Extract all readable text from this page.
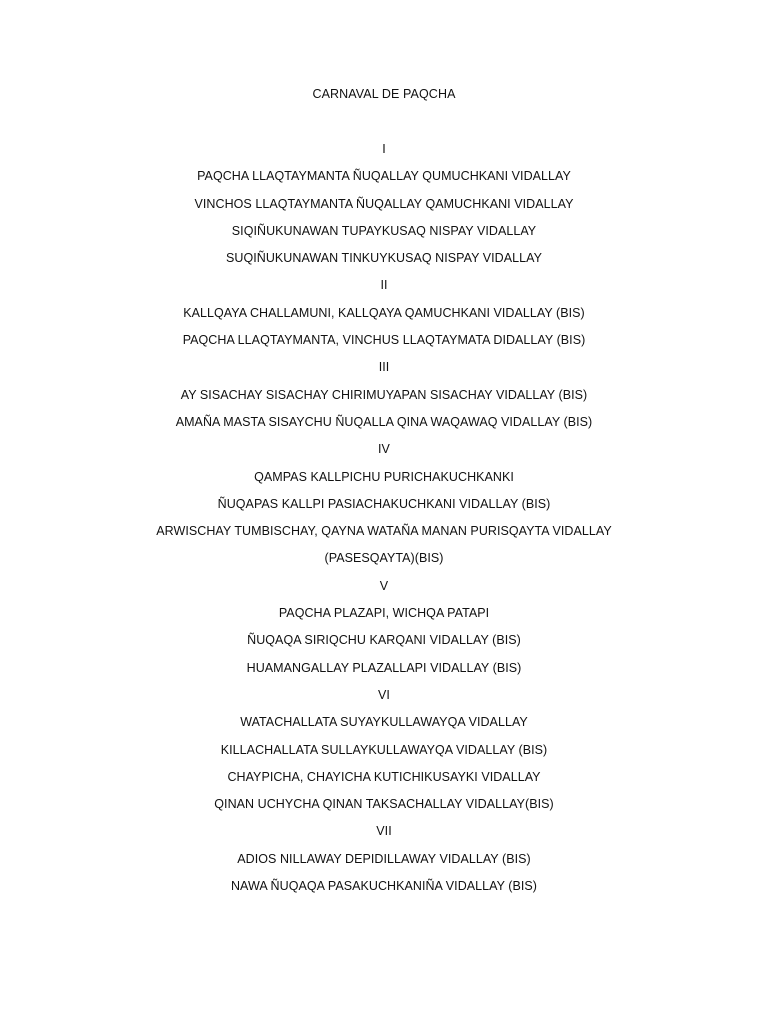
CARNAVAL DE PAQCHA
I
PAQCHA LLAQTAYMANTA ÑUQALLAY QUMUCHKANI VIDALLAY
VINCHOS LLAQTAYMANTA ÑUQALLAY QAMUCHKANI VIDALLAY
SIQIÑUKUNAWAN TUPAYKUSAQ NISPAY VIDALLAY
SUQIÑUKUNAWAN TINKUYKUSAQ NISPAY VIDALLAY
II
KALLQAYA CHALLAMUNI, KALLQAYA QAMUCHKANI VIDALLAY (BIS)
PAQCHA LLAQTAYMANTA, VINCHUS LLAQTAYMATA DIDALLAY (BIS)
III
AY SISACHAY SISACHAY CHIRIMUYAPAN SISACHAY VIDALLAY (BIS)
AMAÑA MASTA SISAYCHU ÑUQALLA QINA WAQAWAQ VIDALLAY (BIS)
IV
QAMPAS KALLPICHU PURICHAKUCHKANKI
ÑUQAPAS KALLPI PASIACHAKUCHKANI VIDALLAY (BIS)
ARWISCHAY TUMBISCHAY, QAYNA WATAÑA MANAN PURISQAYTA VIDALLAY
(PASESQAYTA)(BIS)
V
PAQCHA PLAZAPI, WICHQA PATAPI
ÑUQAQA SIRIQCHU KARQANI VIDALLAY (BIS)
HUAMANGALLAY PLAZALLAPI VIDALLAY (BIS)
VI
WATACHALLATA SUYAYKULLAWAYQA VIDALLAY
KILLACHALLATA SULLAYKULLAWAYQA VIDALLAY (BIS)
CHAYPICHA, CHAYICHA KUTICHIKUSAYKI VIDALLAY
QINAN UCHYCHA QINAN TAKSACHALLAY VIDALLAY(BIS)
VII
ADIOS NILLAWAY DEPIDILLAWAY VIDALLAY (BIS)
NAWA ÑUQAQA PASAKUCHKANIÑA VIDALLAY (BIS)
